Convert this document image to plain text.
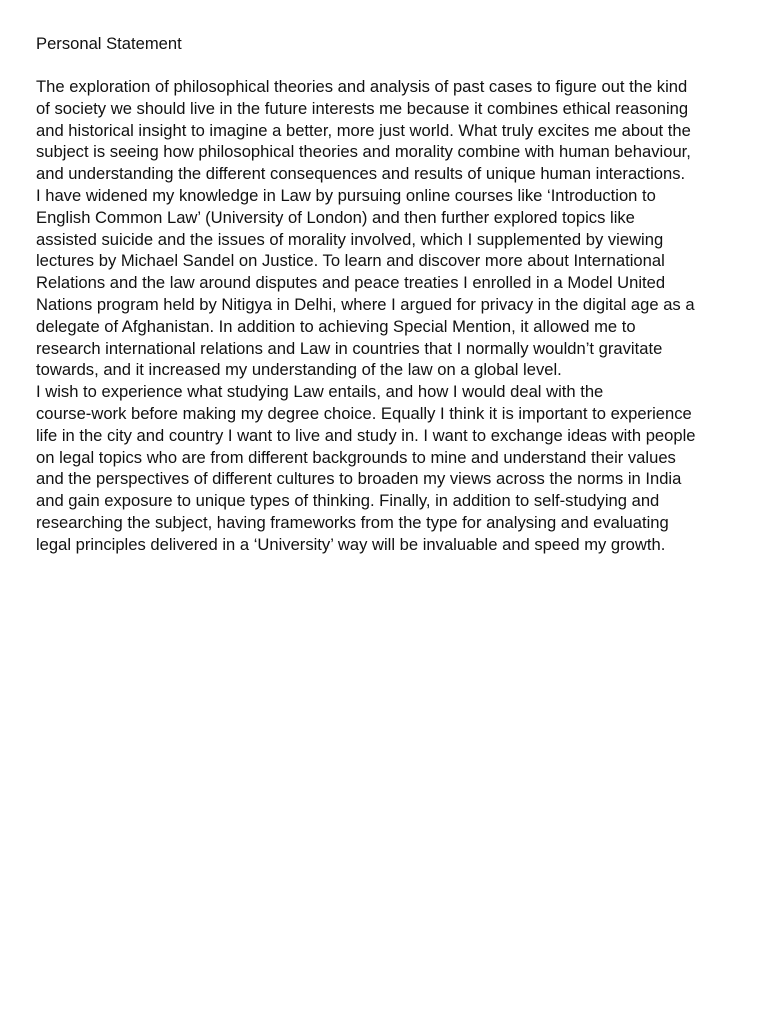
Personal Statement
The exploration of philosophical theories and analysis of past cases to figure out the kind
of society we should live in the future interests me because it combines ethical reasoning
and historical insight to imagine a better, more just world. What truly excites me about the
subject is seeing how philosophical theories and morality combine with human behaviour,
and understanding the different consequences and results of unique human interactions.
I have widened my knowledge in Law by pursuing online courses like ‘Introduction to
English Common Law’ (University of London) and then further explored topics like
assisted suicide and the issues of morality involved, which I supplemented by viewing
lectures by Michael Sandel on Justice. To learn and discover more about International
Relations and the law around disputes and peace treaties I enrolled in a Model United
Nations program held by Nitigya in Delhi, where I argued for privacy in the digital age as a
delegate of Afghanistan. In addition to achieving Special Mention, it allowed me to
research international relations and Law in countries that I normally wouldn’t gravitate
towards, and it increased my understanding of the law on a global level.
I wish to experience what studying Law entails, and how I would deal with the
course-work before making my degree choice. Equally I think it is important to experience
life in the city and country I want to live and study in. I want to exchange ideas with people
on legal topics who are from different backgrounds to mine and understand their values
and the perspectives of different cultures to broaden my views across the norms in India
and gain exposure to unique types of thinking. Finally, in addition to self-studying and
researching the subject, having frameworks from the type for analysing and evaluating
legal principles delivered in a ‘University’ way will be invaluable and speed my growth.
